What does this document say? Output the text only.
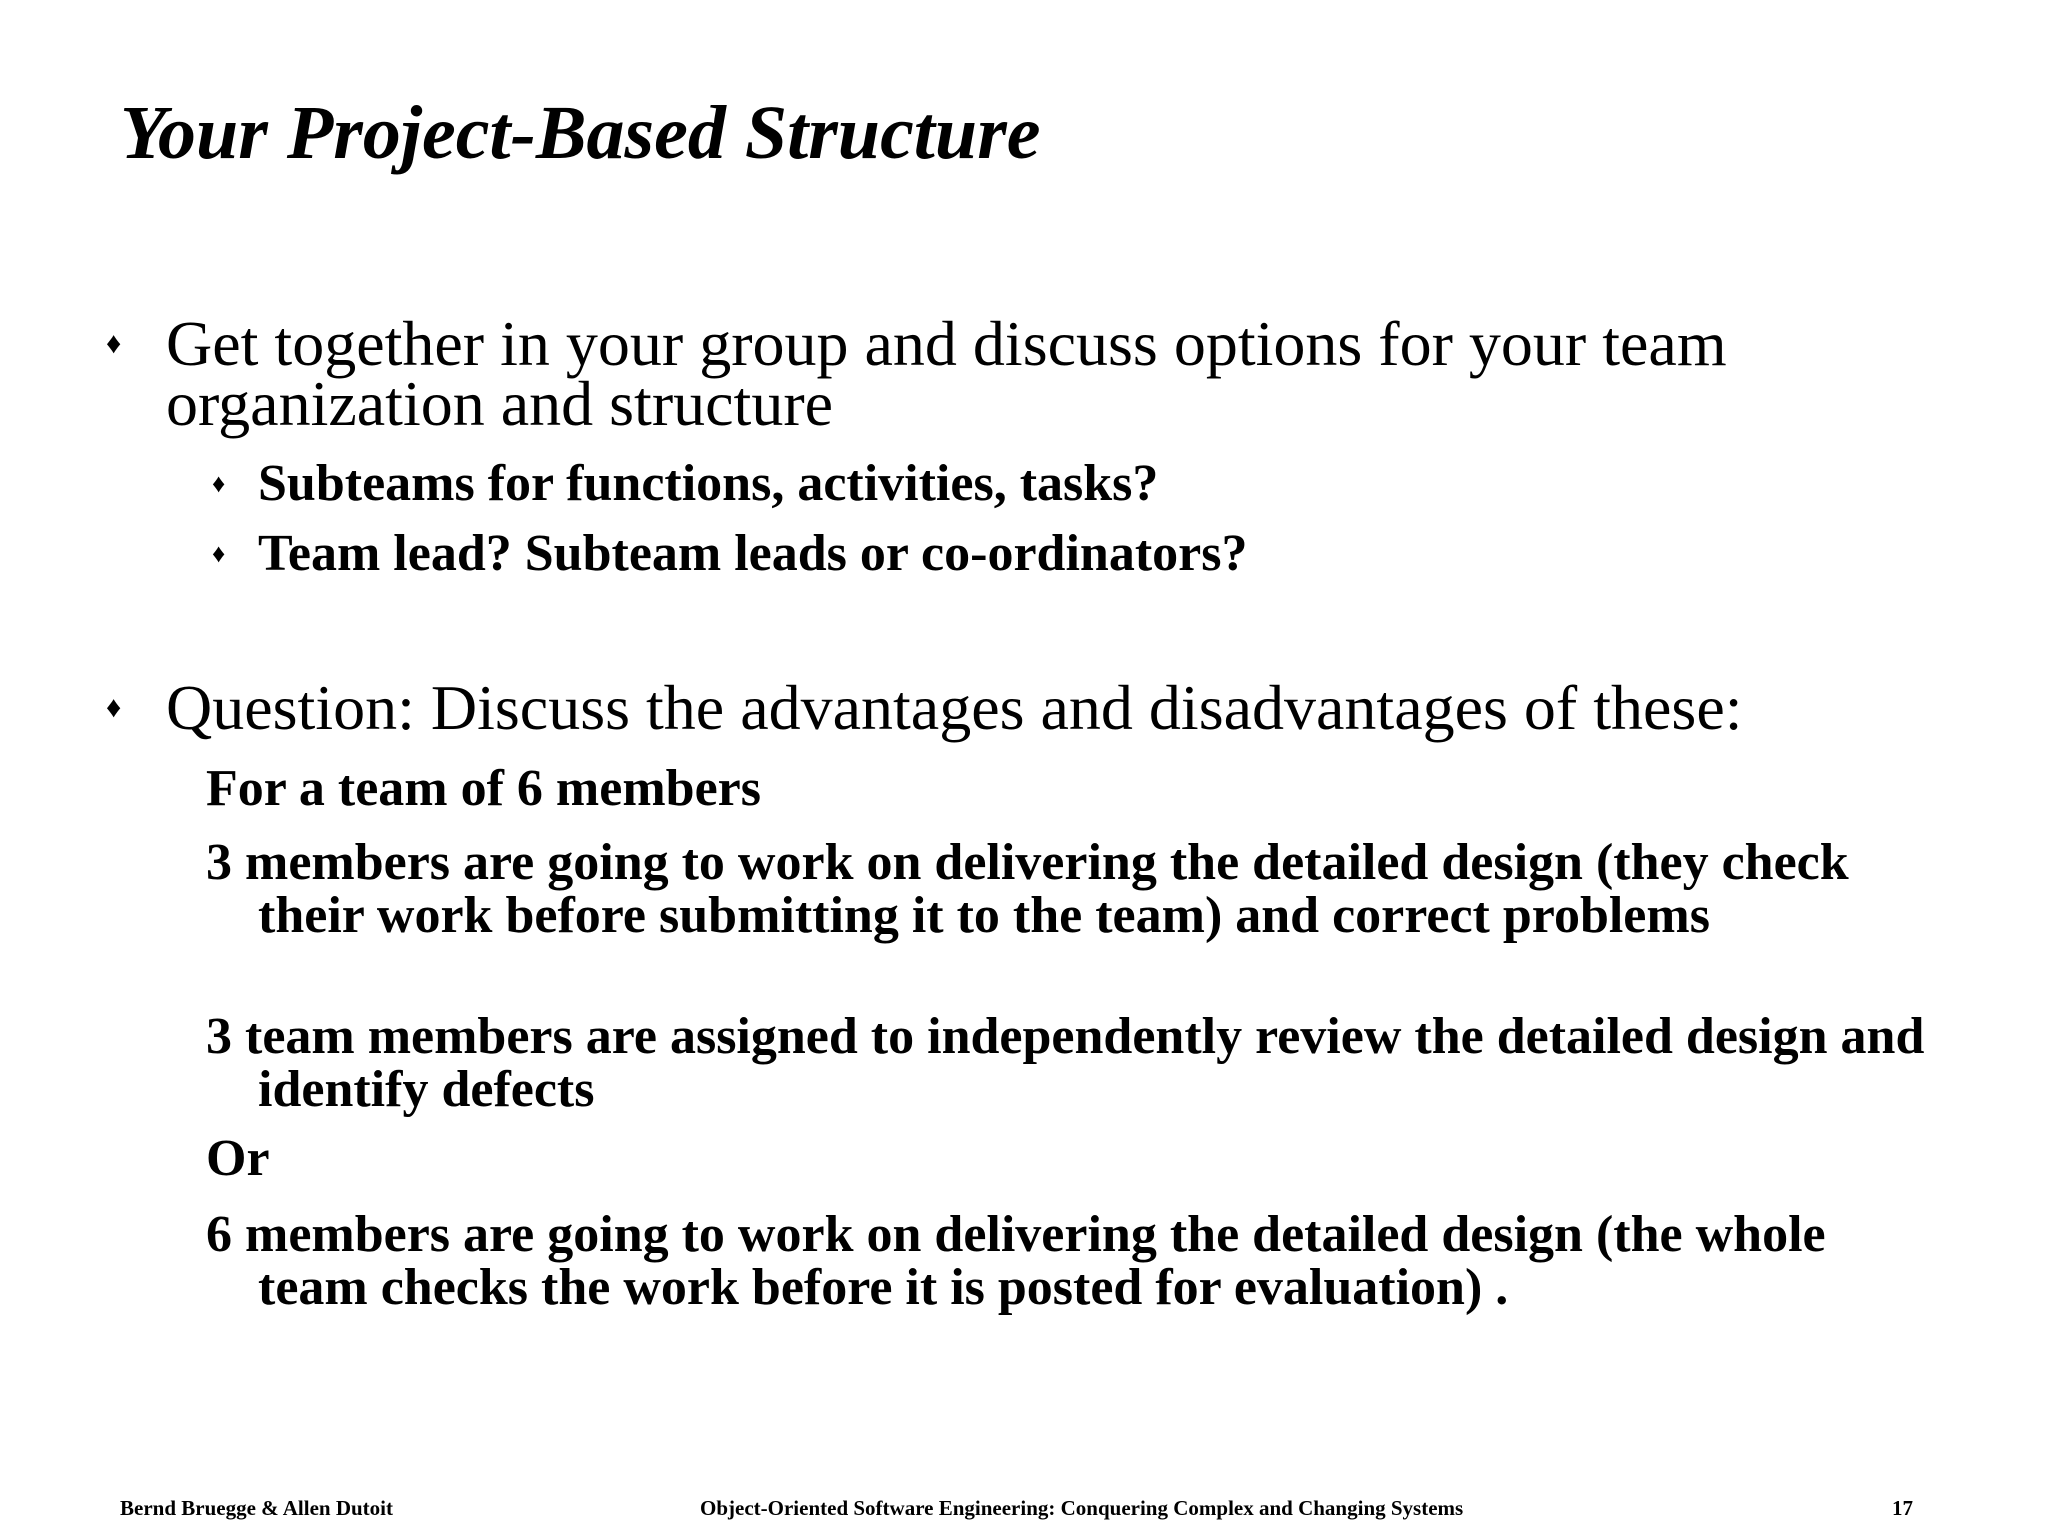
Your Project-Based Structure
♦ Get together in your group and discuss options for your team organization and structure
♦ Subteams for functions, activities, tasks?
♦ Team lead? Subteam leads or co-ordinators?
♦ Question: Discuss the advantages and disadvantages of these:
For a team of 6 members
3 members are going to work on delivering the detailed design (they check their work before submitting it to the team) and correct problems
3 team members are assigned to independently review the detailed design and identify defects
Or
6 members are going to work on delivering the detailed design (the whole team checks the work before it is posted for evaluation) .
Bernd Bruegge & Allen Dutoit	Object-Oriented Software Engineering: Conquering Complex and Changing Systems	17
